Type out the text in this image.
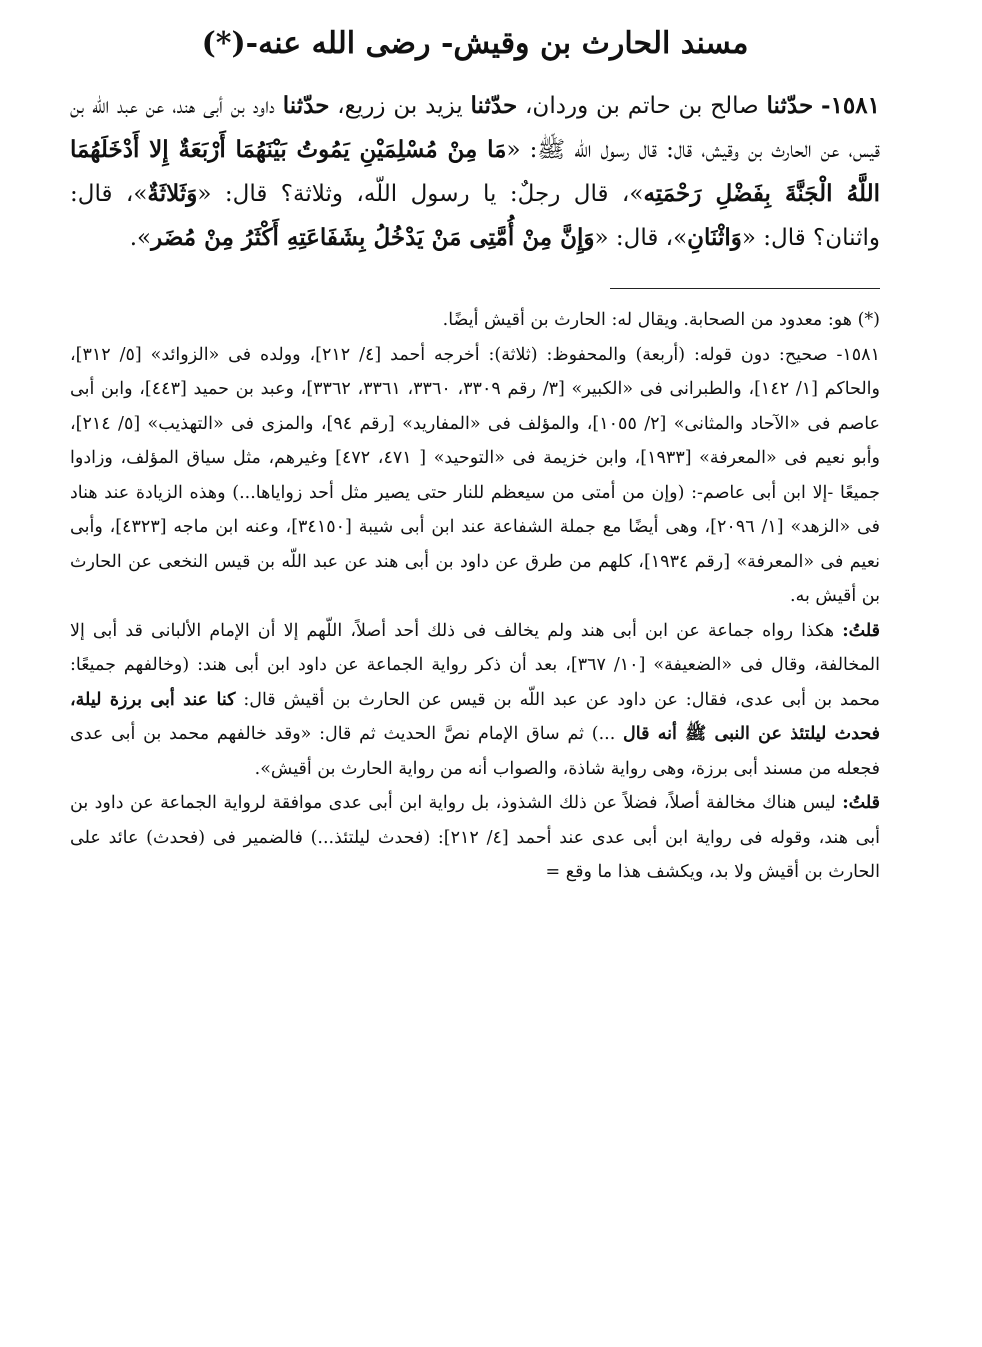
مسند الحارث بن وقيش- رضى الله عنه-(*)

١٥٨١- حدّثنا صالح بن حاتم بن وردان، حدّثنا يزيد بن زريع، حدّثنا داود بن أبى هند، عن عبد اللّه بن قيس، عن الحارث بن وقيش، قال: قال رسول اللّه ﷺ: «مَا مِنْ مُسْلِمَيْنِ يَمُوتُ بَيْنَهُمَا أَرْبَعَةٌ إِلا أَدْخَلَهُمَا اللَّهُ الْجَنَّةَ بِفَضْلِ رَحْمَتِه»، قال رجلٌ: يا رسول اللّه، وثلاثة؟ قال: «وَثَلاثَةٌ»، قال: واثنان؟ قال: «وَاثْنَانِ»، قال: «وَإِنَّ مِنْ أُمَّتِى مَنْ يَدْخُلُ بِشَفَاعَتِهِ أَكْثَرُ مِنْ مُضَر».

(*) هو: معدود من الصحابة. ويقال له: الحارث بن أقيش أيضًا.

١٥٨١- صحيح: دون قوله: (أربعة) والمحفوظ: (ثلاثة): أخرجه أحمد [٤/ ٢١٢]، وولده فى «الزوائد» [٥/ ٣١٢]، والحاكم [١/ ١٤٢]، والطبرانى فى «الكبير» [٣/ رقم ٣٣٠٩، ٣٣٦٠، ٣٣٦١، ٣٣٦٢]، وعبد بن حميد [٤٤٣]، وابن أبى عاصم فى «الآحاد والمثانى» [٢/ ١٠٥٥]، والمؤلف فى «المفاريد» [رقم ٩٤]، والمزى فى «التهذيب» [٥/ ٢١٤]، وأبو نعيم فى «المعرفة» [١٩٣٣]، وابن خزيمة فى «التوحيد» [ ٤٧١، ٤٧٢] وغيرهم، مثل سياق المؤلف، وزادوا جميعًا -إلا ابن أبى عاصم-: (وإن من أمتى من سيعظم للنار حتى يصير مثل أحد زواياها...) وهذه الزيادة عند هناد فى «الزهد» [١/ ٢٠٩٦]، وهى أيضًا مع جملة الشفاعة عند ابن أبى شيبة [٣٤١٥٠]، وعنه ابن ماجه [٤٣٢٣]، وأبى نعيم فى «المعرفة» [رقم ١٩٣٤]، كلهم من طرق عن داود بن أبى هند عن عبد اللّه بن قيس النخعى عن الحارث بن أقيش به.

قلتُ: هكذا رواه جماعة عن ابن أبى هند ولم يخالف فى ذلك أحد أصلاً، اللّهم إلا أن الإمام الألبانى قد أبى إلا المخالفة، وقال فى «الضعيفة» [١٠/ ٣٦٧]، بعد أن ذكر رواية الجماعة عن داود ابن أبى هند: (وخالفهم جميعًا: محمد بن أبى عدى، فقال: عن داود عن عبد اللّه بن قيس عن الحارث بن أقيش قال: كنا عند أبى برزة ليلة، فحدث ليلتئذ عن النبى ﷺ أنه قال ...) ثم ساق الإمام نصَّ الحديث ثم قال: «وقد خالفهم محمد بن أبى عدى فجعله من مسند أبى برزة، وهى رواية شاذة، والصواب أنه من رواية الحارث بن أقيش».

قلتُ: ليس هناك مخالفة أصلاً، فضلاً عن ذلك الشذوذ، بل رواية ابن أبى عدى موافقة لرواية الجماعة عن داود بن أبى هند، وقوله فى رواية ابن أبى عدى عند أحمد [٤/ ٢١٢]: (فحدث ليلتئذ...) فالضمير فى (فحدث) عائد على الحارث بن أقيش ولا بد، ويكشف هذا ما وقع =
